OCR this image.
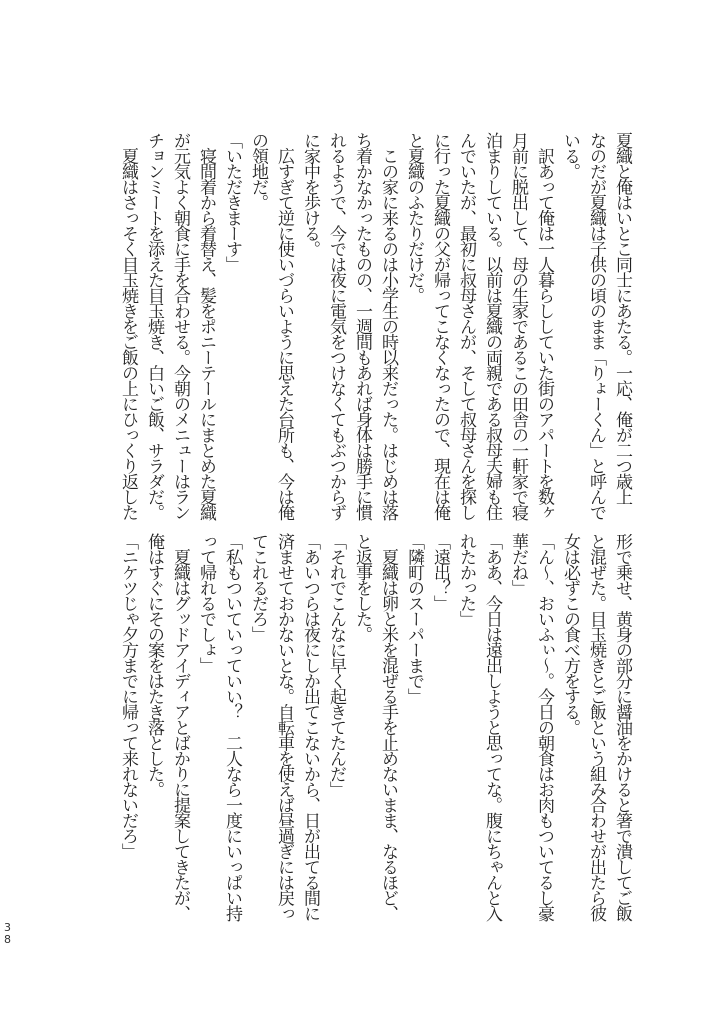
夏織と俺はいとこ同士にあたる。一応、俺が二つ歳上
なのだが夏織は子供の頃のまま「りょーくん」と呼んで
いる。
　訳あって俺は一人暮らししていた街のアパートを数ヶ
月前に脱出して、母の生家であるこの田舎の一軒家で寝
泊まりしている。以前は夏織の両親である叔母夫婦も住
んでいたが、最初に叔母さんが、そして叔母さんを探し
に行った夏織の父が帰ってこなくなったので、現在は俺
と夏織のふたりだけだ。
　この家に来るのは小学生の時以来だった。はじめは落
ち着かなかったものの、一週間もあれば身体は勝手に慣
れるようで、今では夜に電気をつけなくてもぶつからず
に家中を歩ける。
　広すぎて逆に使いづらいように思えた台所も、今は俺
の領地だ。
「いただきまーす」
　寝間着から着替え、髪をポニーテールにまとめた夏織
が元気よく朝食に手を合わせる。今朝のメニューはラン
チョンミートを添えた目玉焼き、白いご飯、サラダだ。
　夏織はさっそく目玉焼きをご飯の上にひっくり返した
形で乗せ、黄身の部分に醤油をかけると箸で潰してご飯
と混ぜた。目玉焼きとご飯という組み合わせが出たら彼
女は必ずこの食べ方をする。
「ん〜、おいふぃ〜。今日の朝食はお肉もついてるし豪
華だね」
「ああ、今日は遠出しようと思ってな。腹にちゃんと入
れたかった」
「遠出？」
「隣町のスーパーまで」
　夏織は卵と米を混ぜる手を止めないまま、なるほど、
と返事をした。
「それでこんなに早く起きてたんだ」
「あいつらは夜にしか出てこないから、日が出てる間に
済ませておかないとな。自転車を使えば昼過ぎには戻っ
てこれるだろ」
「私もついていっていい？　二人なら一度にいっぱい持
って帰れるでしょ」
　夏織はグッドアイディアとばかりに提案してきたが、
俺はすぐにその案をはたき落とした。
「ニケツじゃ夕方までに帰って来れないだろ」
38
